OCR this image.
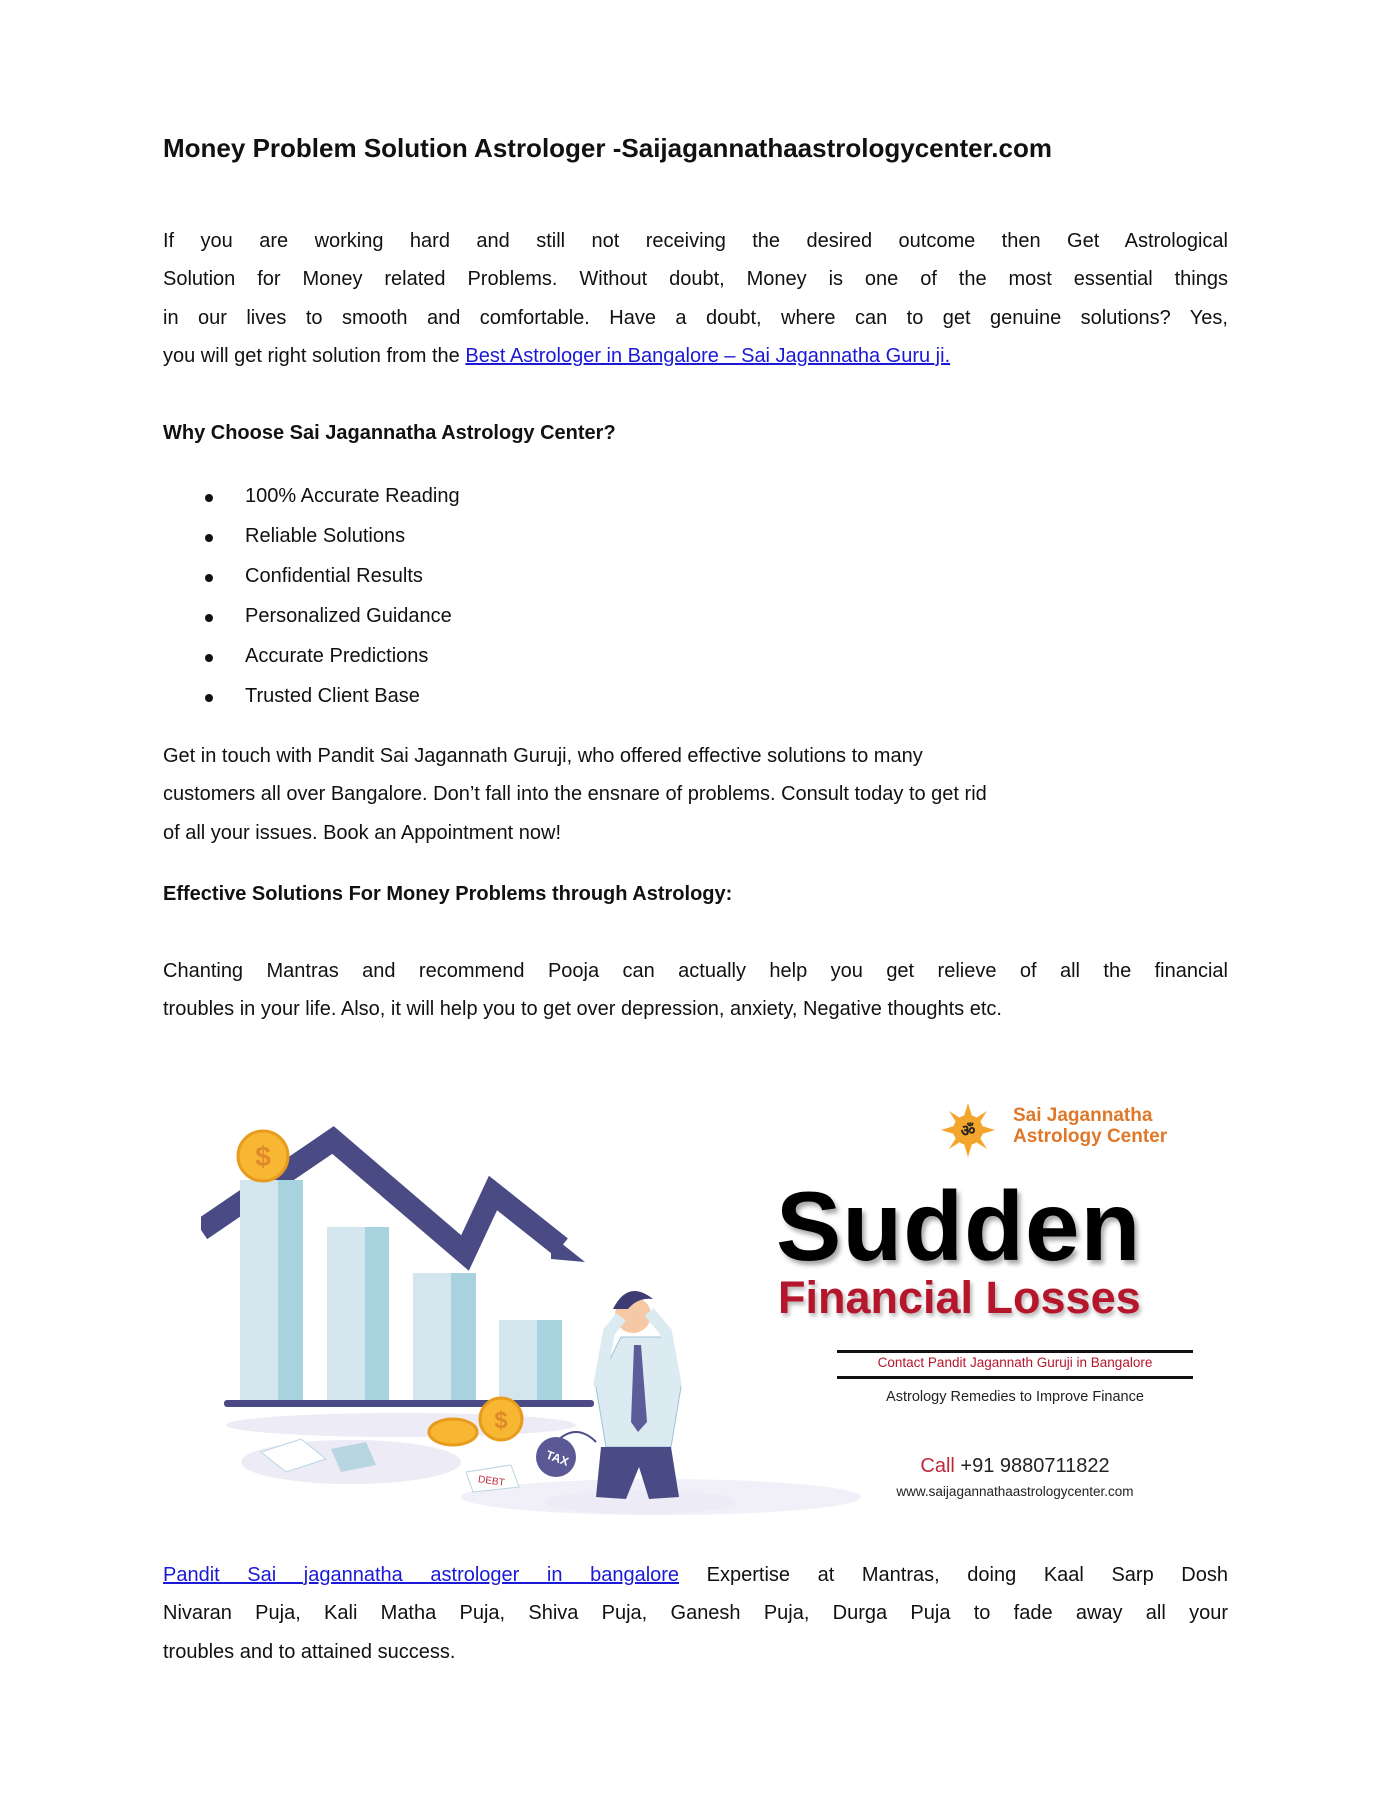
Money Problem Solution Astrologer -Saijagannathaastrologycenter.com
If you are working hard and still not receiving the desired outcome then Get Astrological
Solution for Money related Problems. Without doubt, Money is one of the most essential things
in our lives to smooth and comfortable. Have a doubt, where can to get genuine solutions? Yes,
you will get right solution from the Best Astrologer in Bangalore – Sai Jagannatha Guru ji.
Why Choose Sai Jagannatha Astrology Center?
100% Accurate Reading
Reliable Solutions
Confidential Results
Personalized Guidance
Accurate Predictions
Trusted Client Base
Get in touch with Pandit Sai Jagannath Guruji, who offered effective solutions to many
customers all over Bangalore. Don’t fall into the ensnare of problems. Consult today to get rid
of all your issues. Book an Appointment now!
Effective Solutions For Money Problems through Astrology:
Chanting Mantras and recommend Pooja can actually help you get relieve of all the financial
troubles in your life. Also, it will help you to get over depression, anxiety, Negative thoughts etc.
$
$
DEBT
TAX
ॐ
Sai Jagannatha
Astrology Center
Sudden
Financial Losses
Contact Pandit Jagannath Guruji in Bangalore
Astrology Remedies to Improve Finance
Call +91 9880711822
www.saijagannathaastrologycenter.com
Pandit Sai jagannatha astrologer in bangalore Expertise at Mantras, doing Kaal Sarp Dosh
Nivaran Puja, Kali Matha Puja, Shiva Puja, Ganesh Puja, Durga Puja to fade away all your
troubles and to attained success.
